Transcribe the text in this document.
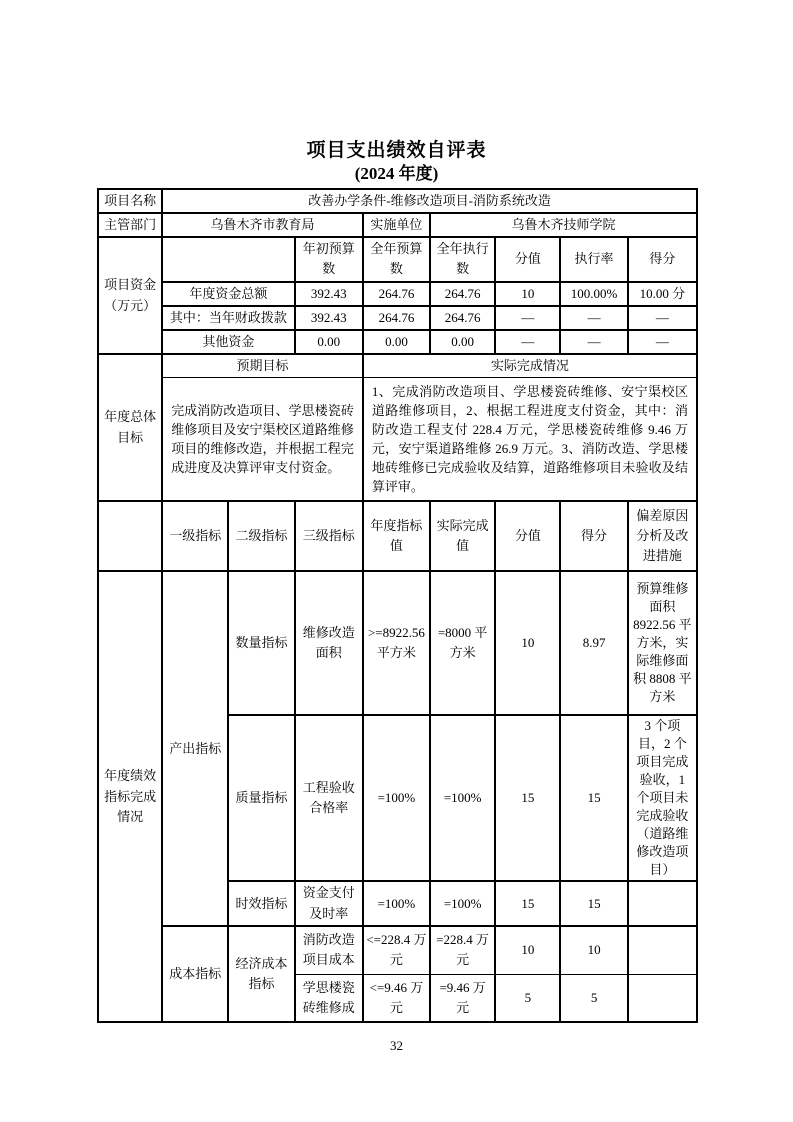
项目支出绩效自评表
(2024 年度)
项目名称	改善办学条件-维修改造项目-消防系统改造							
主管部门	乌鲁木齐市教育局			实施单位	乌鲁木齐技师学院			
项目资金（万元）			年初预算数	全年预算数	全年执行数	分值	执行率	得分
	年度资金总额		392.43	264.76	264.76	10	100.00%	10.00 分
	其中：当年财政拨款		392.43	264.76	264.76	—	—	—
	其他资金		0.00	0.00	0.00	—	—	—
年度总体目标	预期目标			实际完成情况				
	完成消防改造项目、学思楼瓷砖维修项目及安宁渠校区道路维修项目的维修改造，并根据工程完成进度及决算评审支付资金。			1、完成消防改造项目、学思楼瓷砖维修、安宁渠校区道路维修项目，2、根据工程进度支付资金，其中：消防改造工程支付 228.4 万元，学思楼瓷砖维修 9.46 万元，安宁渠道路维修 26.9 万元。3、消防改造、学思楼地砖维修已完成验收及结算，道路维修项目未验收及结算评审。				
	一级指标	二级指标	三级指标	年度指标值	实际完成值	分值	得分	偏差原因分析及改进措施
年度绩效指标完成情况	产出指标	数量指标	维修改造面积	>=8922.56 平方米	=8000 平方米	10	8.97	预算维修面积 8922.56 平方米，实际维修面积 8808 平方米
		质量指标	工程验收合格率	=100%	=100%	15	15	3 个项目，2 个项目完成验收，1 个项目未完成验收（道路维修改造项目）
		时效指标	资金支付及时率	=100%	=100%	15	15	
	成本指标	经济成本指标	消防改造项目成本	<=228.4 万元	=228.4 万元	10	10	
			学思楼瓷砖维修成	<=9.46 万元	=9.46 万元	5	5	
32
